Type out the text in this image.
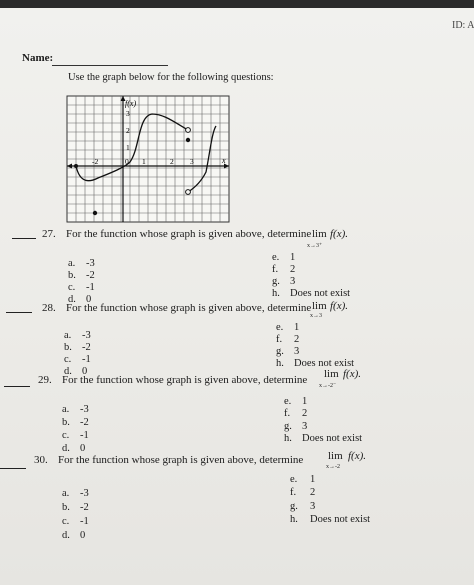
ID: A
Name:
Use the graph below for the following questions:
f(x)
x
-2	0 1	2 3
3
2
1
27. For the function whose graph is given above, determine lim
x→3⁺
f(x).
a. -3
b. -2
c. -1
d. 0
e. 1
f. 2
g. 3
h. Does not exist
28. For the function whose graph is given above, determine lim
x→3
f(x).
a. -3
b. -2
c. -1
d. 0
e. 1
f. 2
g. 3
h. Does not exist
29. For the function whose graph is given above, determine lim
x→-2⁻
f(x).
a. -3
b. -2
c. -1
d. 0
e. 1
f. 2
g. 3
h. Does not exist
30. For the function whose graph is given above, determine lim
x→-2
f(x).
a. -3
b. -2
c. -1
d. 0
e. 1
f. 2
g. 3
h. Does not exist
